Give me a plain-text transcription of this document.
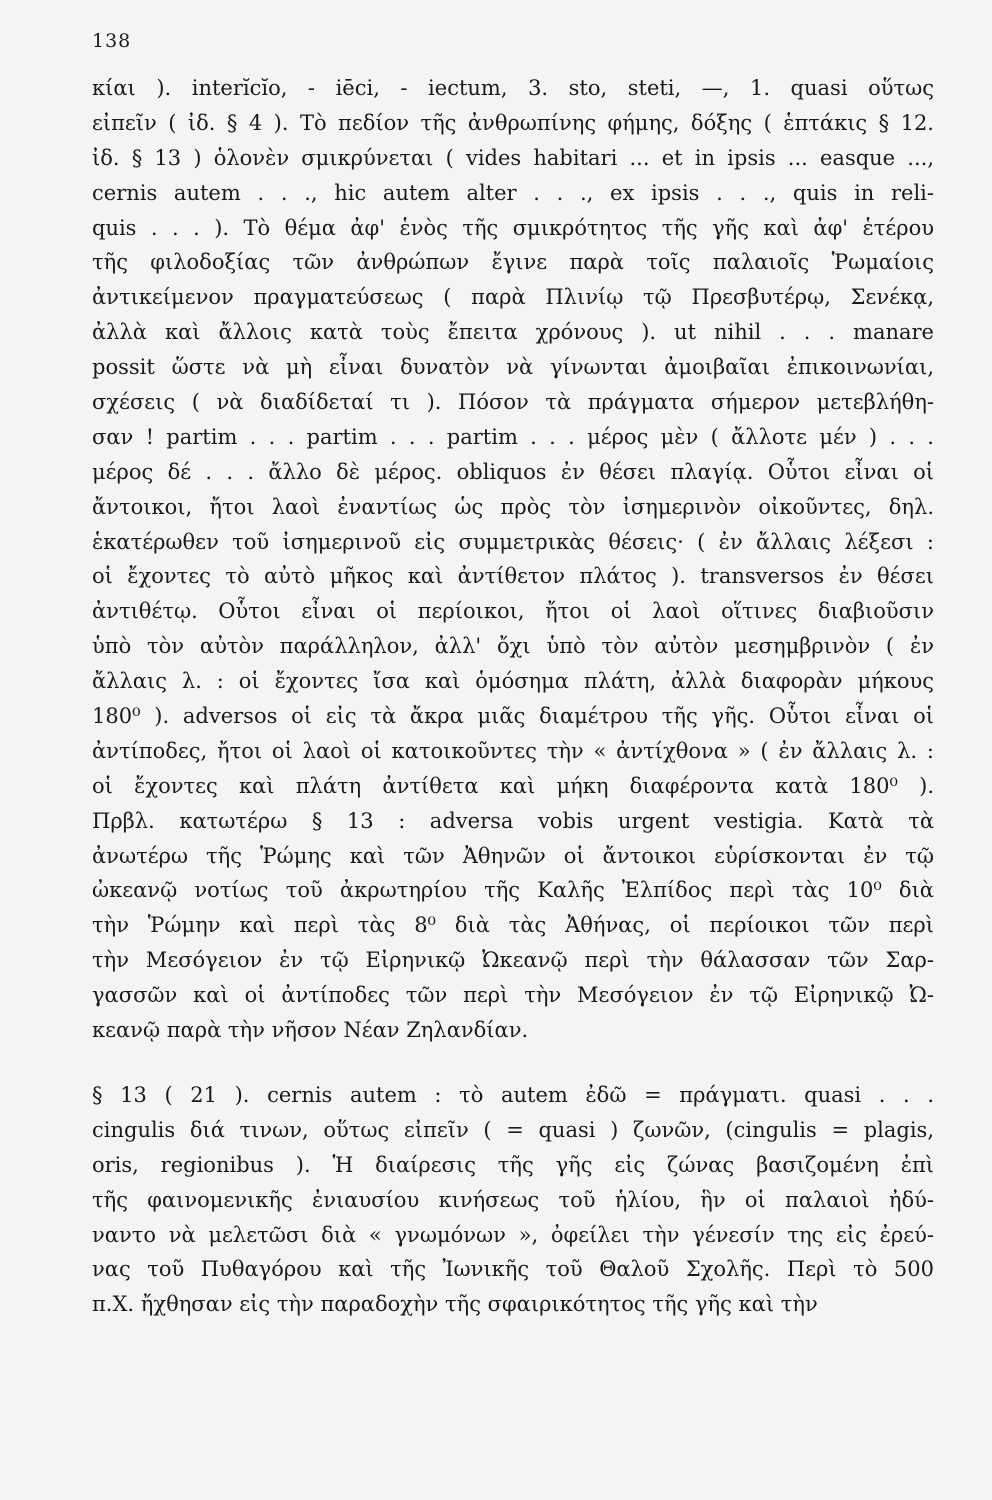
138
κίαι ). interĭcĭo, - iēci, - iectum, 3. sto, steti, —, 1. quasi οὕτως
εἰπεῖν ( ἰδ. § 4 ). Τὸ πεδίον τῆς ἀνθρωπίνης φήμης, δόξης ( ἑπτάκις § 12.
ἰδ. § 13 ) ὁλονὲν σμικρύνεται ( vides habitari ... et in ipsis ... easque ...,
cernis autem . . ., hic autem alter . . ., ex ipsis . . ., quis in reli-
quis . . . ). Τὸ θέμα ἀφ' ἑνὸς τῆς σμικρότητος τῆς γῆς καὶ ἀφ' ἑτέρου
τῆς φιλοδοξίας τῶν ἀνθρώπων ἔγινε παρὰ τοῖς παλαιοῖς Ῥωμαίοις
ἀντικείμενον πραγματεύσεως ( παρὰ Πλινίῳ τῷ Πρεσβυτέρῳ, Σενέκᾳ,
ἀλλὰ καὶ ἄλλοις κατὰ τοὺς ἔπειτα χρόνους ). ut nihil . . . manare
possit ὥστε νὰ μὴ εἶναι δυνατὸν νὰ γίνωνται ἀμοιβαῖαι ἐπικοινωνίαι,
σχέσεις ( νὰ διαδίδεταί τι ). Πόσον τὰ πράγματα σήμερον μετεβλήθη-
σαν ! partim . . . partim . . . partim . . . μέρος μὲν ( ἄλλοτε μέν ) . . .
μέρος δέ . . . ἄλλο δὲ μέρος. obliquos ἐν θέσει πλαγίᾳ. Οὗτοι εἶναι οἱ
ἄντοικοι, ἤτοι λαοὶ ἐναντίως ὡς πρὸς τὸν ἰσημερινὸν οἰκοῦντες, δηλ.
ἑκατέρωθεν τοῦ ἰσημερινοῦ εἰς συμμετρικὰς θέσεις· ( ἐν ἄλλαις λέξεσι :
οἱ ἔχοντες τὸ αὐτὸ μῆκος καὶ ἀντίθετον πλάτος ). transversos ἐν θέσει
ἀντιθέτῳ. Οὗτοι εἶναι οἱ περίοικοι, ἤτοι οἱ λαοὶ οἵτινες διαβιοῦσιν
ὑπὸ τὸν αὐτὸν παράλληλον, ἀλλ' ὄχι ὑπὸ τὸν αὐτὸν μεσημβρινὸν ( ἐν
ἄλλαις λ. : οἱ ἔχοντες ἴσα καὶ ὁμόσημα πλάτη, ἀλλὰ διαφορὰν μήκους
180⁰ ). adversos οἱ εἰς τὰ ἄκρα μιᾶς διαμέτρου τῆς γῆς. Οὗτοι εἶναι οἱ
ἀντίποδες, ἤτοι οἱ λαοὶ οἱ κατοικοῦντες τὴν « ἀντίχθονα » ( ἐν ἄλλαις λ. :
οἱ ἔχοντες καὶ πλάτη ἀντίθετα καὶ μήκη διαφέροντα κατὰ 180⁰ ).
Πρβλ. κατωτέρω § 13 : adversa vobis urgent vestigia. Κατὰ τὰ
ἀνωτέρω τῆς Ῥώμης καὶ τῶν Ἀθηνῶν οἱ ἄντοικοι εὑρίσκονται ἐν τῷ
ὠκεανῷ νοτίως τοῦ ἀκρωτηρίου τῆς Καλῆς Ἐλπίδος περὶ τὰς 10⁰ διὰ
τὴν Ῥώμην καὶ περὶ τὰς 8⁰ διὰ τὰς Ἀθήνας, οἱ περίοικοι τῶν περὶ
τὴν Μεσόγειον ἐν τῷ Εἰρηνικῷ Ὠκεανῷ περὶ τὴν θάλασσαν τῶν Σαρ-
γασσῶν καὶ οἱ ἀντίποδες τῶν περὶ τὴν Μεσόγειον ἐν τῷ Εἰρηνικῷ Ὠ-
κεανῷ παρὰ τὴν νῆσον Νέαν Ζηλανδίαν.
§ 13 ( 21 ). cernis autem : τὸ autem ἐδῶ = πράγματι. quasi . . .
cingulis διά τινων, οὕτως εἰπεῖν ( = quasi ) ζωνῶν, (cingulis = plagis,
oris, regionibus ). Ἡ διαίρεσις τῆς γῆς εἰς ζώνας βασιζομένη ἐπὶ
τῆς φαινομενικῆς ἐνιαυσίου κινήσεως τοῦ ἡλίου, ἣν οἱ παλαιοὶ ἠδύ-
ναντο νὰ μελετῶσι διὰ « γνωμόνων », ὀφείλει τὴν γένεσίν της εἰς ἐρεύ-
νας τοῦ Πυθαγόρου καὶ τῆς Ἰωνικῆς τοῦ Θαλοῦ Σχολῆς. Περὶ τὸ 500
π.Χ. ἤχθησαν εἰς τὴν παραδοχὴν τῆς σφαιρικότητος τῆς γῆς καὶ τὴν
